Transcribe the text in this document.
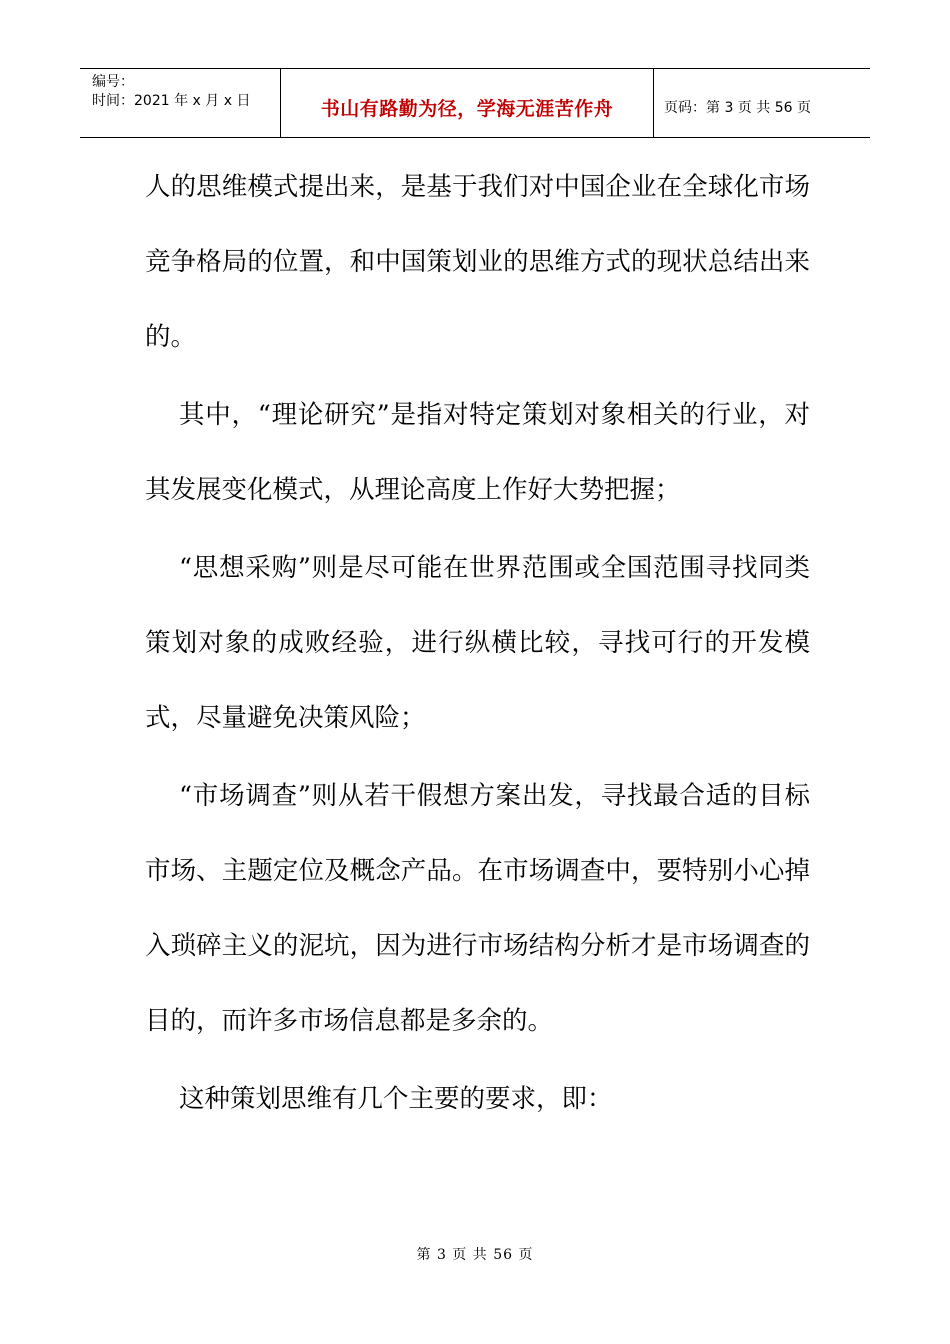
编号：
时间：2021 年 x 月 x 日	书山有路勤为径，学海无涯苦作舟	页码：第 3 页 共 56 页

人的思维模式提出来，是基于我们对中国企业在全球化市场竞争格局的位置，和中国策划业的思维方式的现状总结出来的。

其中，“理论研究”是指对特定策划对象相关的行业，对其发展变化模式，从理论高度上作好大势把握；

“思想采购”则是尽可能在世界范围或全国范围寻找同类策划对象的成败经验，进行纵横比较，寻找可行的开发模式，尽量避免决策风险；

“市场调查”则从若干假想方案出发，寻找最合适的目标市场、主题定位及概念产品。在市场调查中，要特别小心掉入琐碎主义的泥坑，因为进行市场结构分析才是市场调查的目的，而许多市场信息都是多余的。

这种策划思维有几个主要的要求，即：

第 3 页 共 56 页
